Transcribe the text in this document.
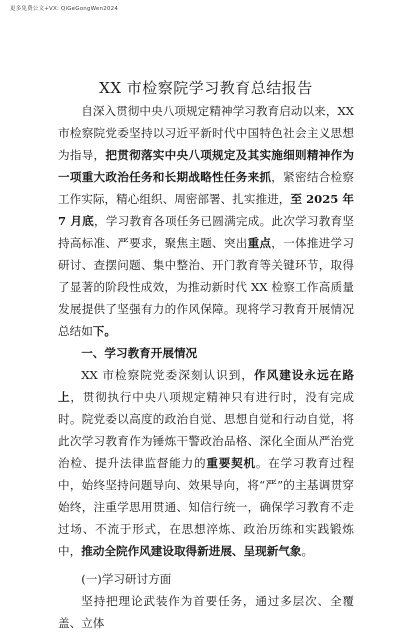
更多免费公文+VX: QiGeGongWen2024
XX 市检察院学习教育总结报告

自深入贯彻中央八项规定精神学习教育启动以来，XX 市检察院党委坚持以习近平新时代中国特色社会主义思想为指导，把贯彻落实中央八项规定及其实施细则精神作为一项重大政治任务和长期战略性任务来抓，紧密结合检察工作实际，精心组织、周密部署、扎实推进，至 2025 年 7 月底，学习教育各项任务已圆满完成。此次学习教育坚持高标准、严要求，聚焦主题、突出重点，一体推进学习研讨、查摆问题、集中整治、开门教育等关键环节，取得了显著的阶段性成效，为推动新时代 XX 检察工作高质量发展提供了坚强有力的作风保障。现将学习教育开展情况总结如下。

一、学习教育开展情况

XX 市检察院党委深刻认识到，作风建设永远在路上，贯彻执行中央八项规定精神只有进行时，没有完成时。院党委以高度的政治自觉、思想自觉和行动自觉，将此次学习教育作为锤炼干警政治品格、深化全面从严治党治检、提升法律监督能力的重要契机。在学习教育过程中，始终坚持问题导向、效果导向，将“严”的主基调贯穿始终，注重学思用贯通、知信行统一，确保学习教育不走过场、不流于形式，在思想淬炼、政治历练和实践锻炼中，推动全院作风建设取得新进展、呈现新气象。

(一)学习研讨方面

坚持把理论武装作为首要任务，通过多层次、全覆盖、立体
